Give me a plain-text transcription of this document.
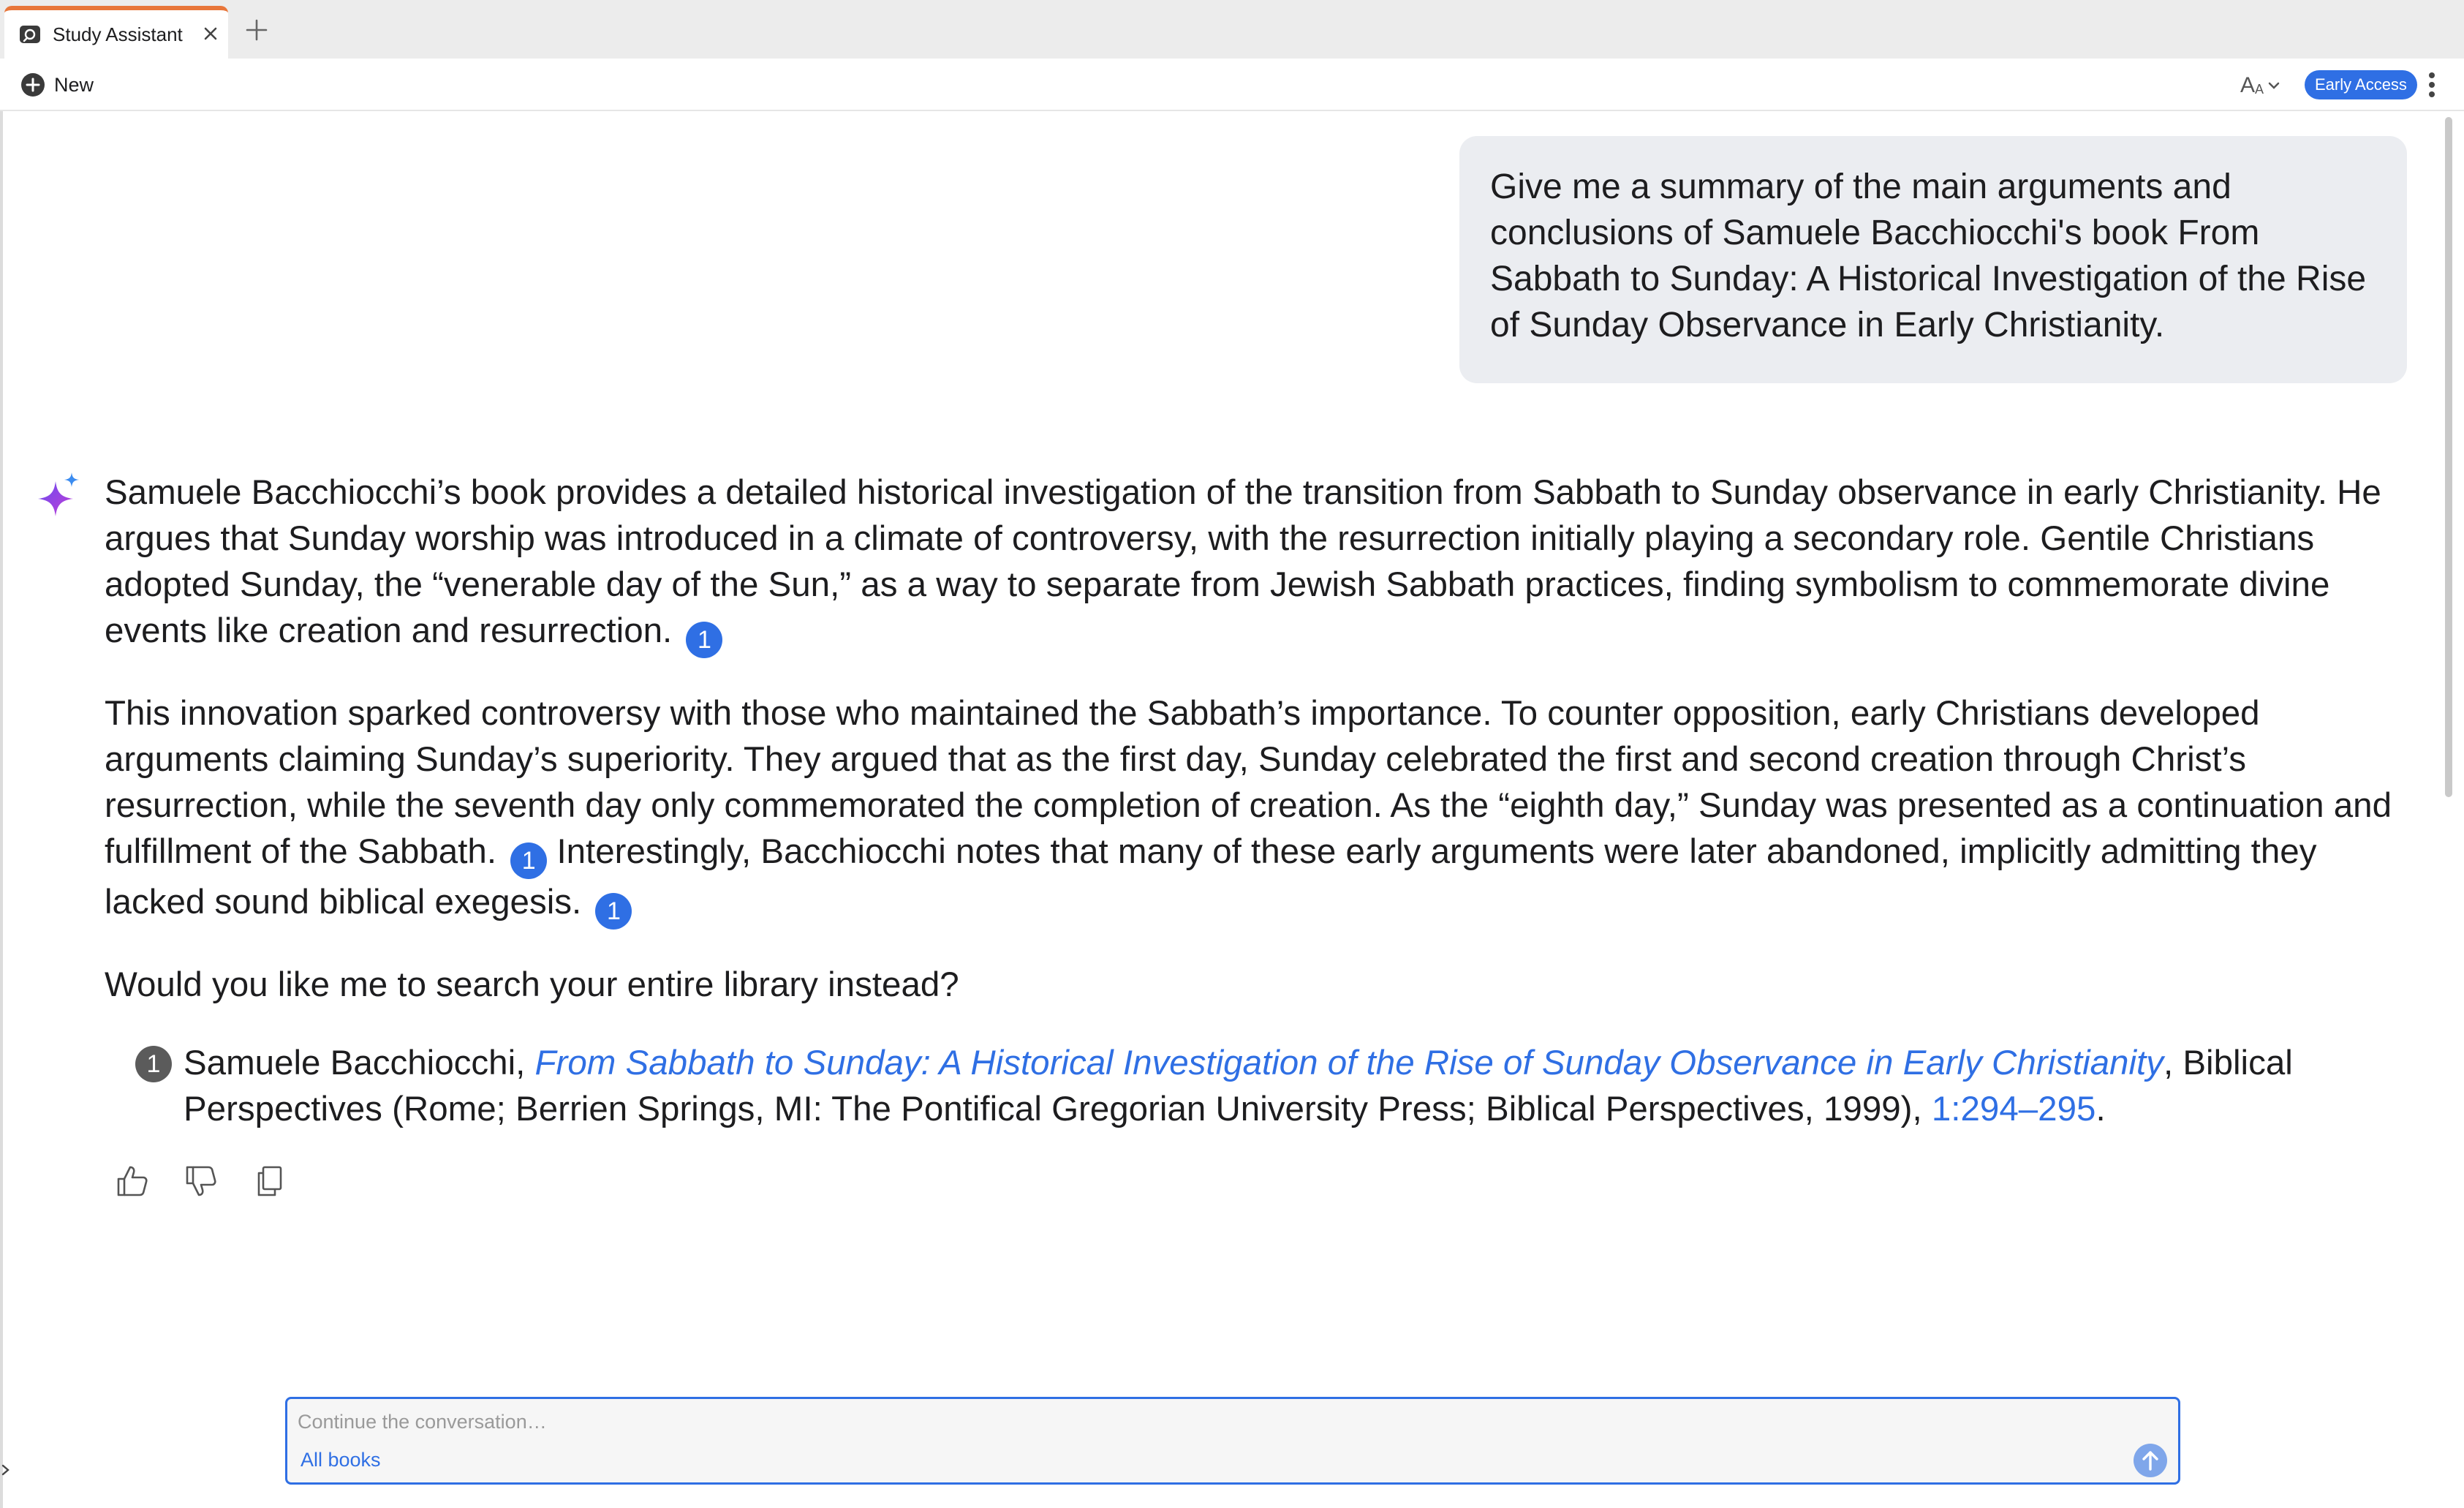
Study Assistant
New	A A	Early Access
Give me a summary of the main arguments and conclusions of Samuele Bacchiocchi's book From Sabbath to Sunday: A Historical Investigation of the Rise of Sunday Observance in Early Christianity.

Samuele Bacchiocchi’s book provides a detailed historical investigation of the transition from Sabbath to Sunday observance in early Christianity. He argues that Sunday worship was introduced in a climate of controversy, with the resurrection initially playing a secondary role. Gentile Christians adopted Sunday, the “venerable day of the Sun,” as a way to separate from Jewish Sabbath practices, finding symbolism to commemorate divine events like creation and resurrection. 1

This innovation sparked controversy with those who maintained the Sabbath’s importance. To counter opposition, early Christians developed arguments claiming Sunday’s superiority. They argued that as the first day, Sunday celebrated the first and second creation through Christ’s resurrection, while the seventh day only commemorated the completion of creation. As the “eighth day,” Sunday was presented as a continuation and fulfillment of the Sabbath. 1 Interestingly, Bacchiocchi notes that many of these early arguments were later abandoned, implicitly admitting they lacked sound biblical exegesis. 1

Would you like me to search your entire library instead?

1 Samuele Bacchiocchi, From Sabbath to Sunday: A Historical Investigation of the Rise of Sunday Observance in Early Christianity, Biblical Perspectives (Rome; Berrien Springs, MI: The Pontifical Gregorian University Press; Biblical Perspectives, 1999), 1:294–295.
Continue the conversation…
All books
